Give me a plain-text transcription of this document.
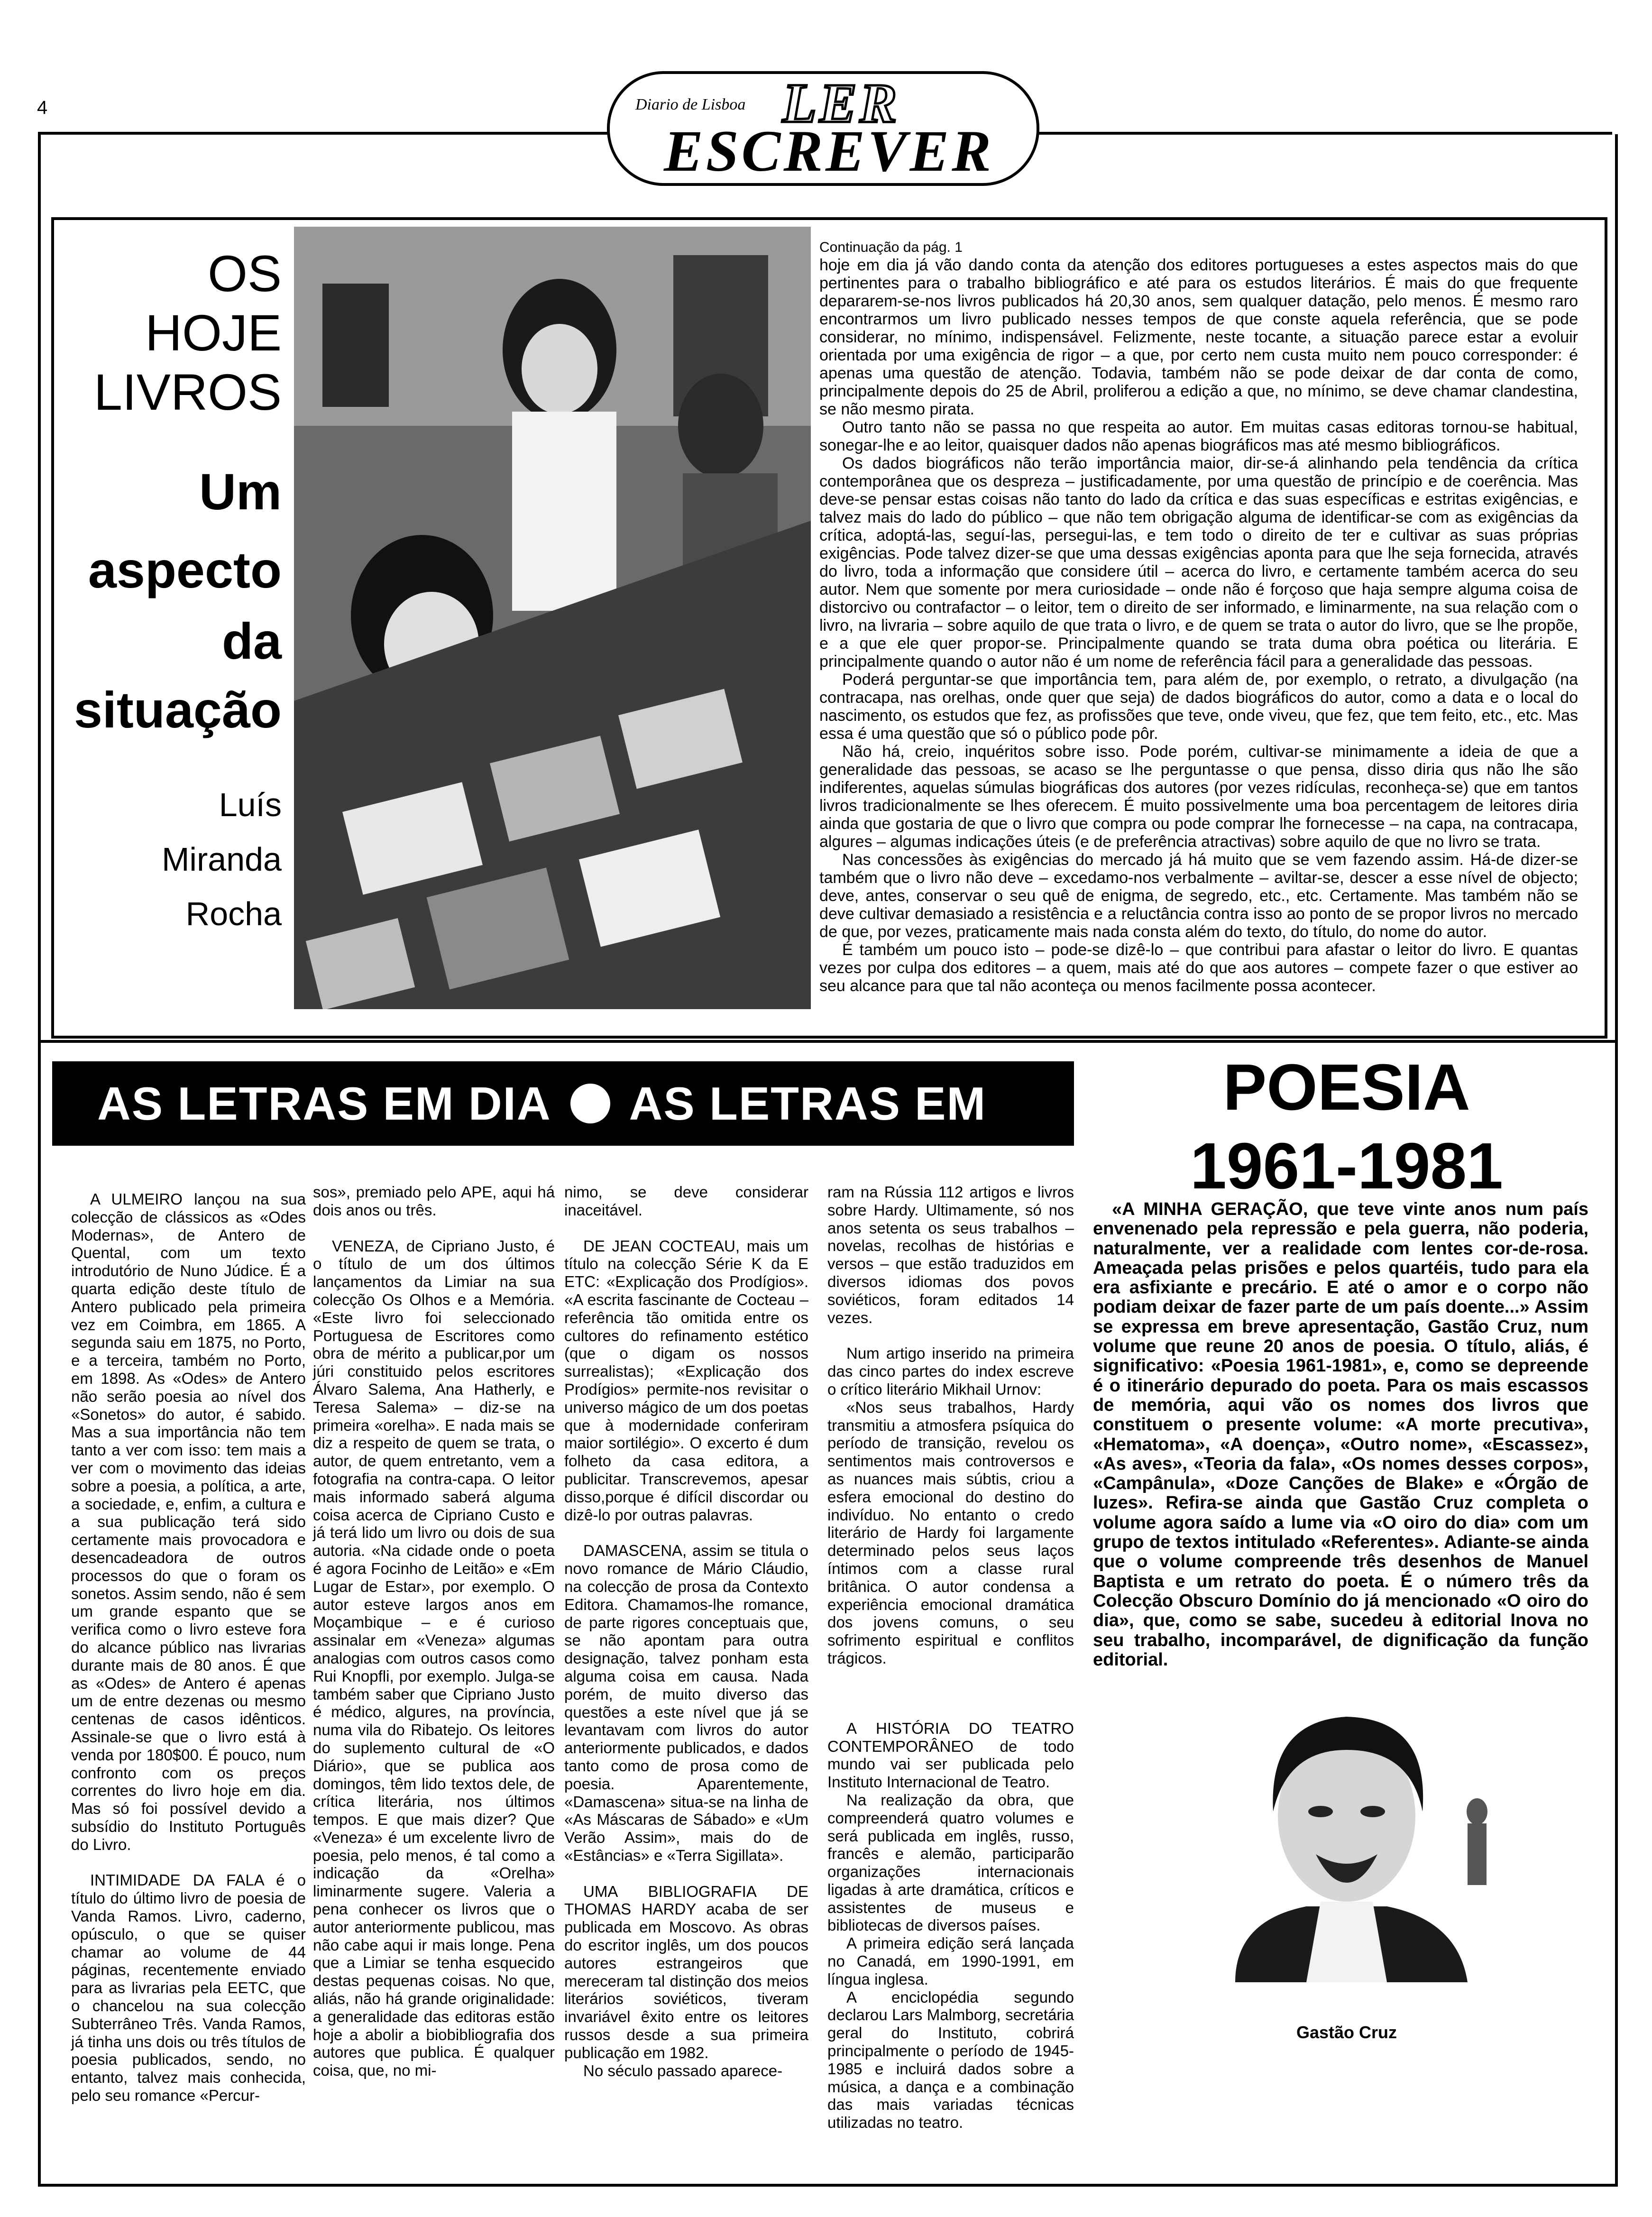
4	Diario de Lisboa LER
ESCREVER
OS
HOJE
LIVROS
Um
aspecto
da
situação
Luís
Miranda
Rocha
Continuação da pág. 1

hoje em dia já vão dando conta da atenção dos editores portugueses a estes aspectos mais do que pertinentes para o trabalho bibliográfico e até para os estudos literários. É mais do que frequente depararem-se-nos livros publicados há 20,30 anos, sem qualquer datação, pelo menos. É mesmo raro encontrarmos um livro publicado nesses tempos de que conste aquela referência, que se pode considerar, no mínimo, indispensável. Felizmente, neste tocante, a situação parece estar a evoluir orientada por uma exigência de rigor – a que, por certo nem custa muito nem pouco corresponder: é apenas uma questão de atenção. Todavia, também não se pode deixar de dar conta de como, principalmente depois do 25 de Abril, proliferou a edição a que, no mínimo, se deve chamar clandestina, se não mesmo pirata.

Outro tanto não se passa no que respeita ao autor. Em muitas casas editoras tornou-se habitual, sonegar-lhe e ao leitor, quaisquer dados não apenas biográficos mas até mesmo bibliográficos.

Os dados biográficos não terão importância maior, dir-se-á alinhando pela tendência da crítica contemporânea que os despreza – justificadamente, por uma questão de princípio e de coerência. Mas deve-se pensar estas coisas não tanto do lado da crítica e das suas específicas e estritas exigências, e talvez mais do lado do público – que não tem obrigação alguma de identificar-se com as exigências da crítica, adoptá-las, seguí-las, persegui-las, e tem todo o direito de ter e cultivar as suas próprias exigências. Pode talvez dizer-se que uma dessas exigências aponta para que lhe seja fornecida, através do livro, toda a informação que considere útil – acerca do livro, e certamente também acerca do seu autor. Nem que somente por mera curiosidade – onde não é forçoso que haja sempre alguma coisa de distorcivo ou contrafactor – o leitor, tem o direito de ser informado, e liminarmente, na sua relação com o livro, na livraria – sobre aquilo de que trata o livro, e de quem se trata o autor do livro, que se lhe propõe, e a que ele quer propor-se. Principalmente quando se trata duma obra poética ou literária. E principalmente quando o autor não é um nome de referência fácil para a generalidade das pessoas.

Poderá perguntar-se que importância tem, para além de, por exemplo, o retrato, a divulgação (na contracapa, nas orelhas, onde quer que seja) de dados biográficos do autor, como a data e o local do nascimento, os estudos que fez, as profissões que teve, onde viveu, que fez, que tem feito, etc., etc. Mas essa é uma questão que só o público pode pôr.

Não há, creio, inquéritos sobre isso. Pode porém, cultivar-se minimamente a ideia de que a generalidade das pessoas, se acaso se lhe perguntasse o que pensa, disso diria qus não lhe são indiferentes, aquelas súmulas biográficas dos autores (por vezes ridículas, reconheça-se) que em tantos livros tradicionalmente se lhes oferecem. É muito possivelmente uma boa percentagem de leitores diria ainda que gostaria de que o livro que compra ou pode comprar lhe fornecesse – na capa, na contracapa, algures – algumas indicações úteis (e de preferência atractivas) sobre aquilo de que no livro se trata.

Nas concessões às exigências do mercado já há muito que se vem fazendo assim. Há-de dizer-se também que o livro não deve – excedamo-nos verbalmente – aviltar-se, descer a esse nível de objecto; deve, antes, conservar o seu quê de enigma, de segredo, etc., etc. Certamente. Mas também não se deve cultivar demasiado a resistência e a reluctância contra isso ao ponto de se propor livros no mercado de que, por vezes, praticamente mais nada consta além do texto, do título, do nome do autor.

É também um pouco isto – pode-se dizê-lo – que contribui para afastar o leitor do livro. E quantas vezes por culpa dos editores – a quem, mais até do que aos autores – compete fazer o que estiver ao seu alcance para que tal não aconteça ou menos facilmente possa acontecer.

AS LETRAS EM DIA AS LETRAS EM	POESIA
1961-1981

A ULMEIRO lançou na sua colecção de clássicos as «Odes Modernas», de Antero de Quental, com um texto introdutório de Nuno Júdice. É a quarta edição deste título de Antero publicado pela primeira vez em Coimbra, em 1865. A segunda saiu em 1875, no Porto, e a terceira, também no Porto, em 1898. As «Odes» de Antero não serão poesia ao nível dos «Sonetos» do autor, é sabido. Mas a sua importância não tem tanto a ver com isso: tem mais a ver com o movimento das ideias sobre a poesia, a política, a arte, a sociedade, e, enfim, a cultura e a sua publicação terá sido certamente mais provocadora e desencadeadora de outros processos do que o foram os sonetos. Assim sendo, não é sem um grande espanto que se verifica como o livro esteve fora do alcance público nas livrarias durante mais de 80 anos. É que as «Odes» de Antero é apenas um de entre dezenas ou mesmo centenas de casos idênticos. Assinale-se que o livro está à venda por 180$00. É pouco, num confronto com os preços correntes do livro hoje em dia. Mas só foi possível devido a subsídio do Instituto Português do Livro.

INTIMIDADE DA FALA é o título do último livro de poesia de Vanda Ramos. Livro, caderno, opúsculo, o que se quiser chamar ao volume de 44 páginas, recentemente enviado para as livrarias pela EETC, que o chancelou na sua colecção Subterrâneo Três. Vanda Ramos, já tinha uns dois ou três títulos de poesia publicados, sendo, no entanto, talvez mais conhecida, pelo seu romance «Percur-

sos», premiado pelo APE, aqui há dois anos ou três.

VENEZA, de Cipriano Justo, é o título de um dos últimos lançamentos da Limiar na sua colecção Os Olhos e a Memória. «Este livro foi seleccionado Portuguesa de Escritores como obra de mérito a publicar,por um júri constituido pelos escritores Álvaro Salema, Ana Hatherly, e Teresa Salema» – diz-se na primeira «orelha». E nada mais se diz a respeito de quem se trata, o autor, de quem entretanto, vem a fotografia na contra-capa. O leitor mais informado saberá alguma coisa acerca de Cipriano Custo e já terá lido um livro ou dois de sua autoria. «Na cidade onde o poeta é agora Focinho de Leitão» e «Em Lugar de Estar», por exemplo. O autor esteve largos anos em Moçambique – e é curioso assinalar em «Veneza» algumas analogias com outros casos como Rui Knopfli, por exemplo. Julga-se também saber que Cipriano Justo é médico, algures, na província, numa vila do Ribatejo. Os leitores do suplemento cultural de «O Diário», que se publica aos domingos, têm lido textos dele, de crítica literária, nos últimos tempos. E que mais dizer? Que «Veneza» é um excelente livro de poesia, pelo menos, é tal como a indicação da «Orelha» liminarmente sugere. Valeria a pena conhecer os livros que o autor anteriormente publicou, mas não cabe aqui ir mais longe. Pena que a Limiar se tenha esquecido destas pequenas coisas. No que, aliás, não há grande originalidade: a generalidade das editoras estão hoje a abolir a biobibliografia dos autores que publica. É qualquer coisa, que, no mi-

nimo, se deve considerar inaceitável.

DE JEAN COCTEAU, mais um título na colecção Série K da E ETC: «Explicação dos Prodígios». «A escrita fascinante de Cocteau – referência tão omitida entre os cultores do refinamento estético (que o digam os nossos surrealistas); «Explicação dos Prodígios» permite-nos revisitar o universo mágico de um dos poetas que à modernidade conferiram maior sortilégio». O excerto é dum folheto da casa editora, a publicitar. Transcrevemos, apesar disso,porque é difícil discordar ou dizê-lo por outras palavras.

DAMASCENA, assim se titula o novo romance de Mário Cláudio, na colecção de prosa da Contexto Editora. Chamamos-lhe romance, de parte rigores conceptuais que, se não apontam para outra designação, talvez ponham esta alguma coisa em causa. Nada porém, de muito diverso das questões a este nível que já se levantavam com livros do autor anteriormente publicados, e dados tanto como de prosa como de poesia. Aparentemente, «Damascena» situa-se na linha de «As Máscaras de Sábado» e «Um Verão Assim», mais do de «Estâncias» e «Terra Sigillata».

UMA BIBLIOGRAFIA DE THOMAS HARDY acaba de ser publicada em Moscovo. As obras do escritor inglês, um dos poucos autores estrangeiros que mereceram tal distinção dos meios literários soviéticos, tiveram invariável êxito entre os leitores russos desde a sua primeira publicação em 1982.

No século passado aparece-

ram na Rússia 112 artigos e livros sobre Hardy. Ultimamente, só nos anos setenta os seus trabalhos – novelas, recolhas de histórias e versos – que estão traduzidos em diversos idiomas dos povos soviéticos, foram editados 14 vezes.

Num artigo inserido na primeira das cinco partes do index escreve o crítico literário Mikhail Urnov:

«Nos seus trabalhos, Hardy transmitiu a atmosfera psíquica do período de transição, revelou os sentimentos mais controversos e as nuances mais súbtis, criou a esfera emocional do destino do indivíduo. No entanto o credo literário de Hardy foi largamente determinado pelos seus laços íntimos com a classe rural britânica. O autor condensa a experiência emocional dramática dos jovens comuns, o seu sofrimento espiritual e conflitos trágicos.

A HISTÓRIA DO TEATRO CONTEMPORÂNEO de todo mundo vai ser publicada pelo Instituto Internacional de Teatro.

Na realização da obra, que compreenderá quatro volumes e será publicada em inglês, russo, francês e alemão, participarão organizações internacionais ligadas à arte dramática, críticos e assistentes de museus e bibliotecas de diversos países.

A primeira edição será lançada no Canadá, em 1990-1991, em língua inglesa.

A enciclopédia segundo declarou Lars Malmborg, secretária geral do Instituto, cobrirá principalmente o período de 1945-1985 e incluirá dados sobre a música, a dança e a combinação das mais variadas técnicas utilizadas no teatro.

«A MINHA GERAÇÃO, que teve vinte anos num país envenenado pela repressão e pela guerra, não poderia, naturalmente, ver a realidade com lentes cor-de-rosa. Ameaçada pelas prisões e pelos quartéis, tudo para ela era asfixiante e precário. E até o amor e o corpo não podiam deixar de fazer parte de um país doente...» Assim se expressa em breve apresentação, Gastão Cruz, num volume que reune 20 anos de poesia. O título, aliás, é significativo: «Poesia 1961-1981», e, como se depreende é o itinerário depurado do poeta. Para os mais escassos de memória, aqui vão os nomes dos livros que constituem o presente volume: «A morte precutiva», «Hematoma», «A doença», «Outro nome», «Escassez», «As aves», «Teoria da fala», «Os nomes desses corpos», «Campânula», «Doze Canções de Blake» e «Órgão de luzes». Refira-se ainda que Gastão Cruz completa o volume agora saído a lume via «O oiro do dia» com um grupo de textos intitulado «Referentes». Adiante-se ainda que o volume compreende três desenhos de Manuel Baptista e um retrato do poeta. É o número três da Colecção Obscuro Domínio do já mencionado «O oiro do dia», que, como se sabe, sucedeu à editorial Inova no seu trabalho, incomparável, de dignificação da função editorial.

Gastão Cruz
